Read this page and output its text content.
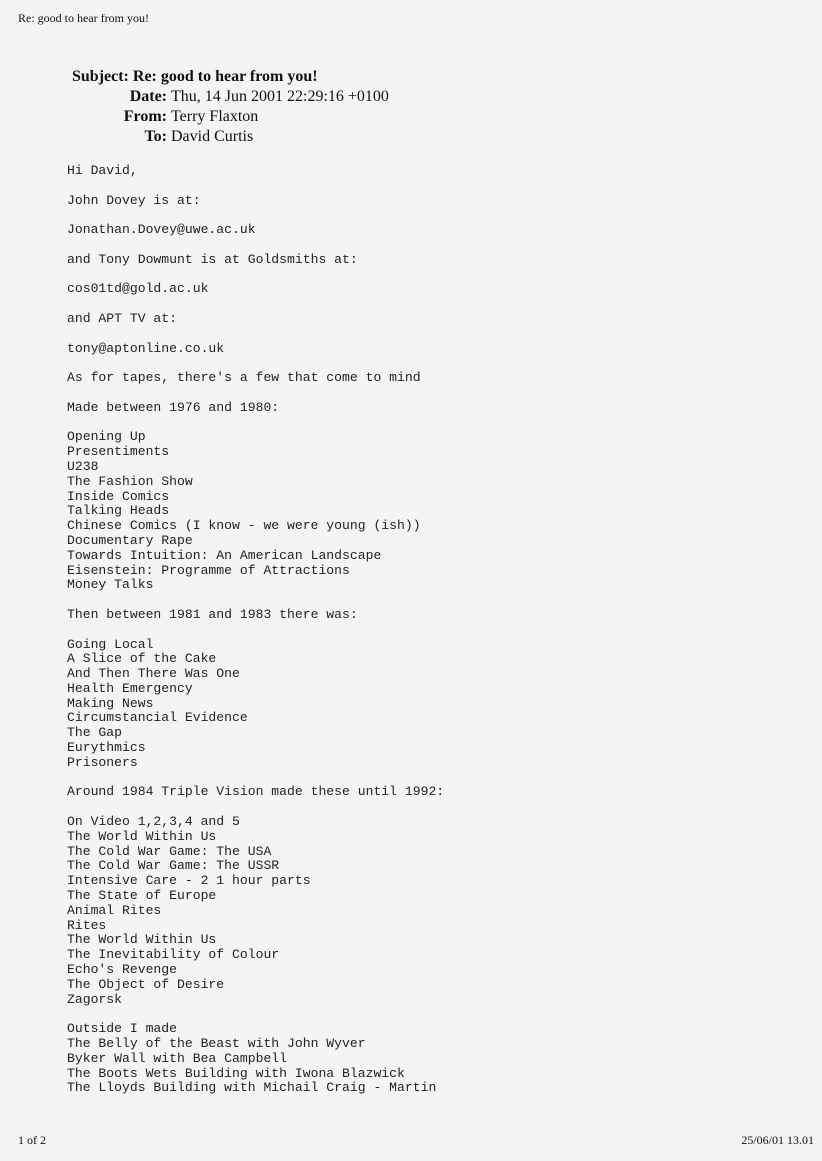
Re: good to hear from you!
Subject: Re: good to hear from you!
Date: Thu, 14 Jun 2001 22:29:16 +0100
From: Terry Flaxton
To: David Curtis

Hi David,

John Dovey is at:

Jonathan.Dovey@uwe.ac.uk

and Tony Dowmunt is at Goldsmiths at:

cos01td@gold.ac.uk

and APT TV at:

tony@aptonline.co.uk

As for tapes, there's a few that come to mind

Made between 1976 and 1980:

Opening Up
Presentiments
U238
The Fashion Show
Inside Comics
Talking Heads
Chinese Comics (I know - we were young (ish))
Documentary Rape
Towards Intuition: An American Landscape
Eisenstein: Programme of Attractions
Money Talks

Then between 1981 and 1983 there was:

Going Local
A Slice of the Cake
And Then There Was One
Health Emergency
Making News
Circumstancial Evidence
The Gap
Eurythmics
Prisoners

Around 1984 Triple Vision made these until 1992:

On Video 1,2,3,4 and 5
The World Within Us
The Cold War Game: The USA
The Cold War Game: The USSR
Intensive Care - 2 1 hour parts
The State of Europe
Animal Rites
Rites
The World Within Us
The Inevitability of Colour
Echo's Revenge
The Object of Desire
Zagorsk

Outside I made

The Belly of the Beast with John Wyver
Byker Wall with Bea Campbell
The Boots Wets Building with Iwona Blazwick
The Lloyds Building with Michail Craig - Martin
1 of 2	25/06/01 13.01
